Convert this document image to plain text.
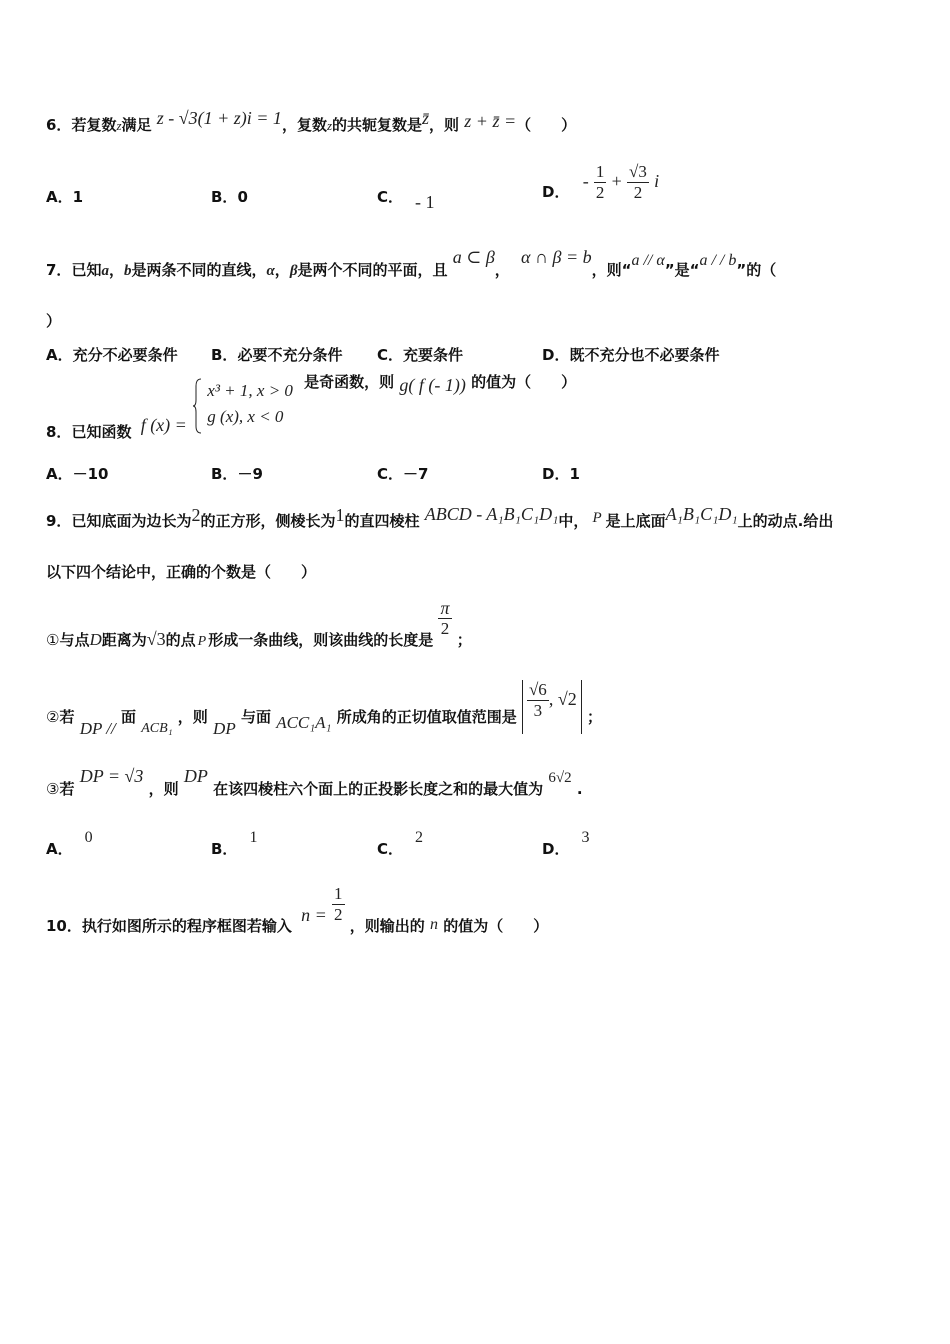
6．若复数z满足 z - √3(1 + z)i = 1，复数z的共轭复数是z̄，则 z + z̄ =（　　）
A．1	B．0	C． - 1	D． - $\frac{1}{2} + \frac{√3}{2}$ i
7．已知a，b是两条不同的直线，α，β是两个不同的平面，且 a ⊂ β， α ∩ β = b，则“a // α”是“a / / b”的（
）
A．充分不必要条件 B．必要不充分条件 C．充要条件	D．既不充分也不必要条件
8．已知函数 f (x) =
x³ + 1, x > 0
g (x), x < 0
是奇函数，则 g( f (- 1)) 的值为（　　）
A．－10	B．－9	C．－7	D．1
9．已知底面为边长为2的正方形，侧棱长为1的直四棱柱 ABCD - A₁B₁C₁D₁中， P 是上底面A₁B₁C₁D₁上的动点.给出
以下四个结论中，正确的个数是（　　）
①与点D距离为√3的点 P 形成一条曲线，则该曲线的长度是
$\frac{\pi}{2}$
；
②若 DP // 面 ACB₁ ，则 DP 与面 ACC₁A₁ 所成角的正切值取值范围是 $\frac{√6}{3}$ , √2 ；
③若 DP = √3 ，则 DP 在该四棱柱六个面上的正投影长度之和的最大值为 6√2 .
A．0
B．1
C．2
D．3
10．执行如图所示的程序框图若输入 $n = \frac{1}{2}$
，则输出的 n 的值为（　　）
